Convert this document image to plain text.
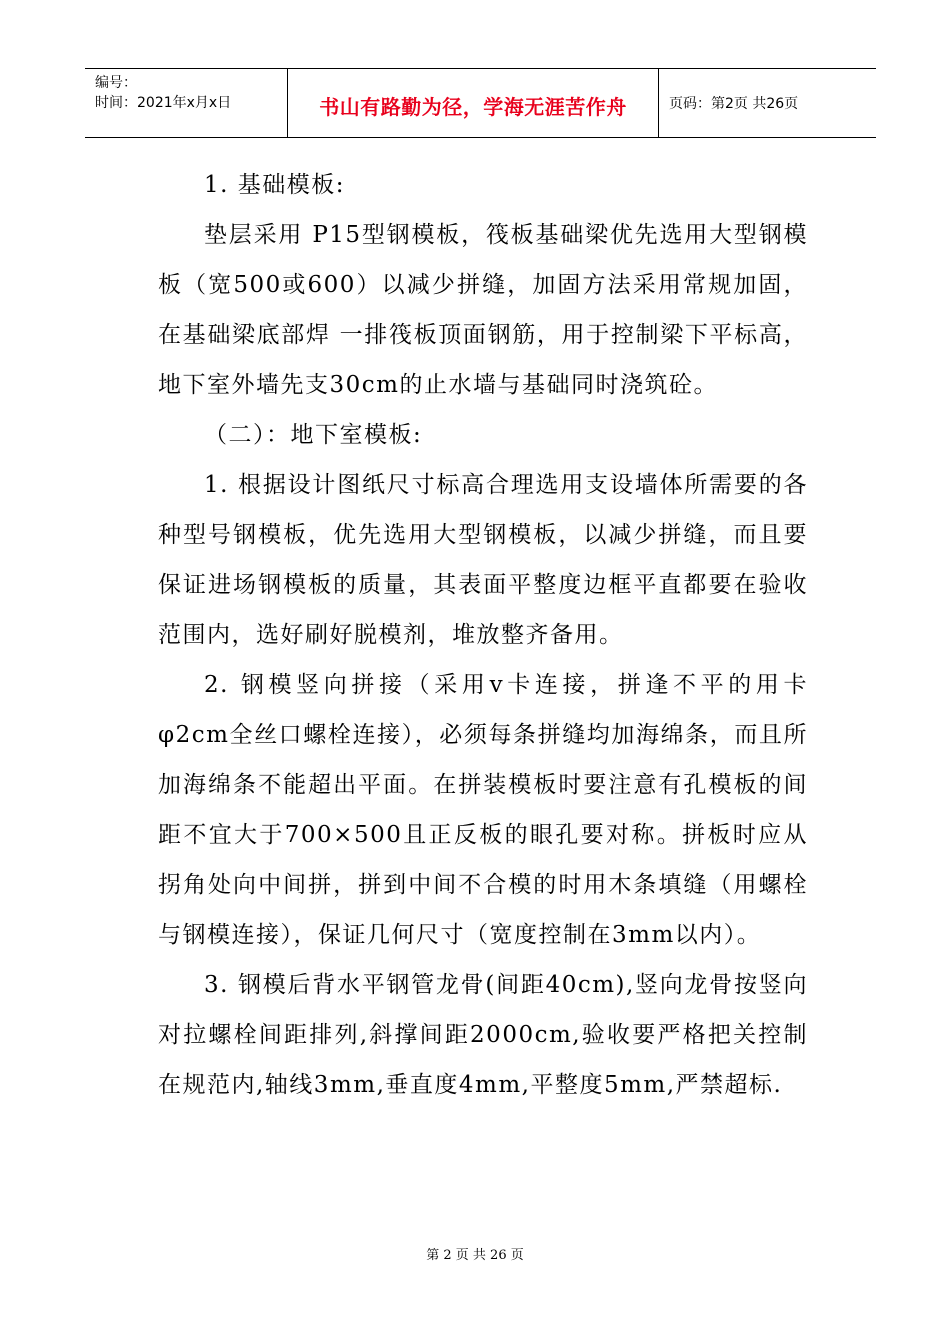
编号：
时间：2021年x月x日	书山有路勤为径，学海无涯苦作舟	页码：第2页 共26页

1. 基础模板:

垫层采用 P15型钢模板，筏板基础梁优先选用大型钢模板（宽500或600）以减少拼缝，加固方法采用常规加固，在基础梁底部焊 一排筏板顶面钢筋，用于控制梁下平标高，地下室外墙先支30cm的止水墙与基础同时浇筑砼。

（二）：地下室模板:

1. 根据设计图纸尺寸标高合理选用支设墙体所需要的各种型号钢模板，优先选用大型钢模板，以减少拼缝，而且要保证进场钢模板的质量，其表面平整度边框平直都要在验收范围内，选好刷好脱模剂，堆放整齐备用。

2. 钢模竖向拼接（采用v卡连接，拼逢不平的用卡φ2cm全丝口螺栓连接），必须每条拼缝均加海绵条，而且所加海绵条不能超出平面。在拼装模板时要注意有孔模板的间距不宜大于700×500且正反板的眼孔要对称。拼板时应从拐角处向中间拼，拼到中间不合模的时用木条填缝（用螺栓与钢模连接），保证几何尺寸（宽度控制在3mm以内）。

3. 钢模后背水平钢管龙骨(间距40cm),竖向龙骨按竖向对拉螺栓间距排列,斜撑间距2000cm,验收要严格把关控制在规范内,轴线3mm,垂直度4mm,平整度5mm,严禁超标.

第 2 页 共 26 页
